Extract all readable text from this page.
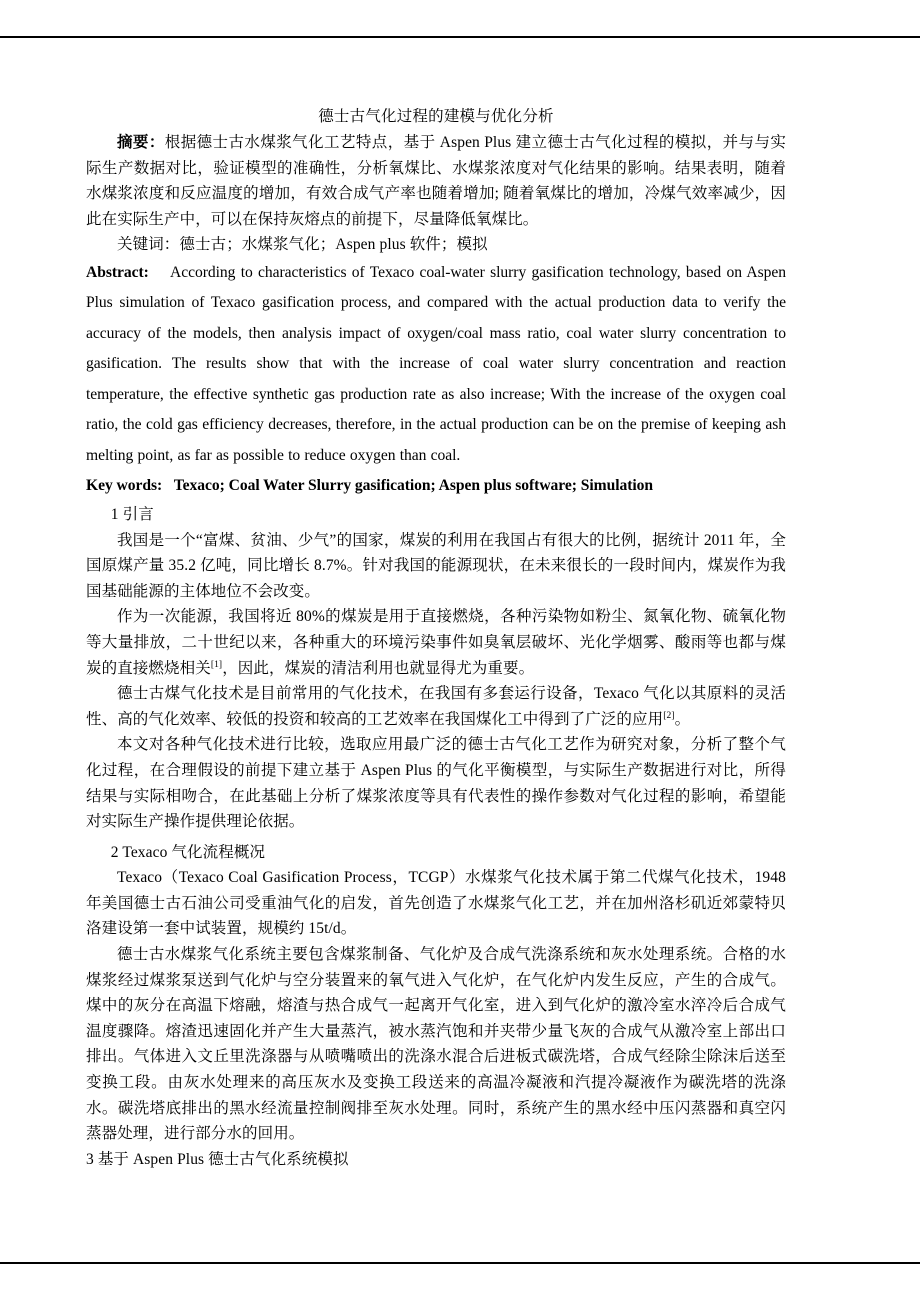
德士古气化过程的建模与优化分析

摘要：根据德士古水煤浆气化工艺特点，基于 Aspen Plus 建立德士古气化过程的模拟，并与与实际生产数据对比，验证模型的准确性，分析氧煤比、水煤浆浓度对气化结果的影响。结果表明，随着水煤浆浓度和反应温度的增加，有效合成气产率也随着增加; 随着氧煤比的增加，冷煤气效率减少，因此在实际生产中，可以在保持灰熔点的前提下，尽量降低氧煤比。

关键词：德士古；水煤浆气化；Aspen plus 软件；模拟

Abstract: According to characteristics of Texaco coal-water slurry gasification technology, based on Aspen Plus simulation of Texaco gasification process, and compared with the actual production data to verify the accuracy of the models, then analysis impact of oxygen/coal mass ratio, coal water slurry concentration to gasification. The results show that with the increase of coal water slurry concentration and reaction temperature, the effective synthetic gas production rate as also increase; With the increase of the oxygen coal ratio, the cold gas efficiency decreases, therefore, in the actual production can be on the premise of keeping ash melting point, as far as possible to reduce oxygen than coal.

Key words: Texaco; Coal Water Slurry gasification; Aspen plus software; Simulation

1 引言

我国是一个“富煤、贫油、少气”的国家，煤炭的利用在我国占有很大的比例，据统计 2011 年，全国原煤产量 35.2 亿吨，同比增长 8.7%。针对我国的能源现状，在未来很长的一段时间内，煤炭作为我国基础能源的主体地位不会改变。

作为一次能源，我国将近 80%的煤炭是用于直接燃烧，各种污染物如粉尘、氮氧化物、硫氧化物等大量排放，二十世纪以来，各种重大的环境污染事件如臭氧层破坏、光化学烟雾、酸雨等也都与煤炭的直接燃烧相关[1]，因此，煤炭的清洁利用也就显得尤为重要。

德士古煤气化技术是目前常用的气化技术，在我国有多套运行设备，Texaco 气化以其原料的灵活性、高的气化效率、较低的投资和较高的工艺效率在我国煤化工中得到了广泛的应用[2]。

本文对各种气化技术进行比较，选取应用最广泛的德士古气化工艺作为研究对象，分析了整个气化过程，在合理假设的前提下建立基于 Aspen Plus 的气化平衡模型，与实际生产数据进行对比，所得结果与实际相吻合，在此基础上分析了煤浆浓度等具有代表性的操作参数对气化过程的影响，希望能对实际生产操作提供理论依据。

2 Texaco 气化流程概况

Texaco（Texaco Coal Gasification Process，TCGP）水煤浆气化技术属于第二代煤气化技术，1948 年美国德士古石油公司受重油气化的启发，首先创造了水煤浆气化工艺，并在加州洛杉矶近郊蒙特贝洛建设第一套中试装置，规模约 15t/d。

德士古水煤浆气化系统主要包含煤浆制备、气化炉及合成气洗涤系统和灰水处理系统。合格的水煤浆经过煤浆泵送到气化炉与空分装置来的氧气进入气化炉，在气化炉内发生反应，产生的合成气。煤中的灰分在高温下熔融，熔渣与热合成气一起离开气化室，进入到气化炉的激冷室水淬冷后合成气温度骤降。熔渣迅速固化并产生大量蒸汽，被水蒸汽饱和并夹带少量飞灰的合成气从激冷室上部出口排出。气体进入文丘里洗涤器与从喷嘴喷出的洗涤水混合后进板式碳洗塔，合成气经除尘除沫后送至变换工段。由灰水处理来的高压灰水及变换工段送来的高温冷凝液和汽提冷凝液作为碳洗塔的洗涤水。碳洗塔底排出的黑水经流量控制阀排至灰水处理。同时，系统产生的黑水经中压闪蒸器和真空闪蒸器处理，进行部分水的回用。

3 基于 Aspen Plus 德士古气化系统模拟
